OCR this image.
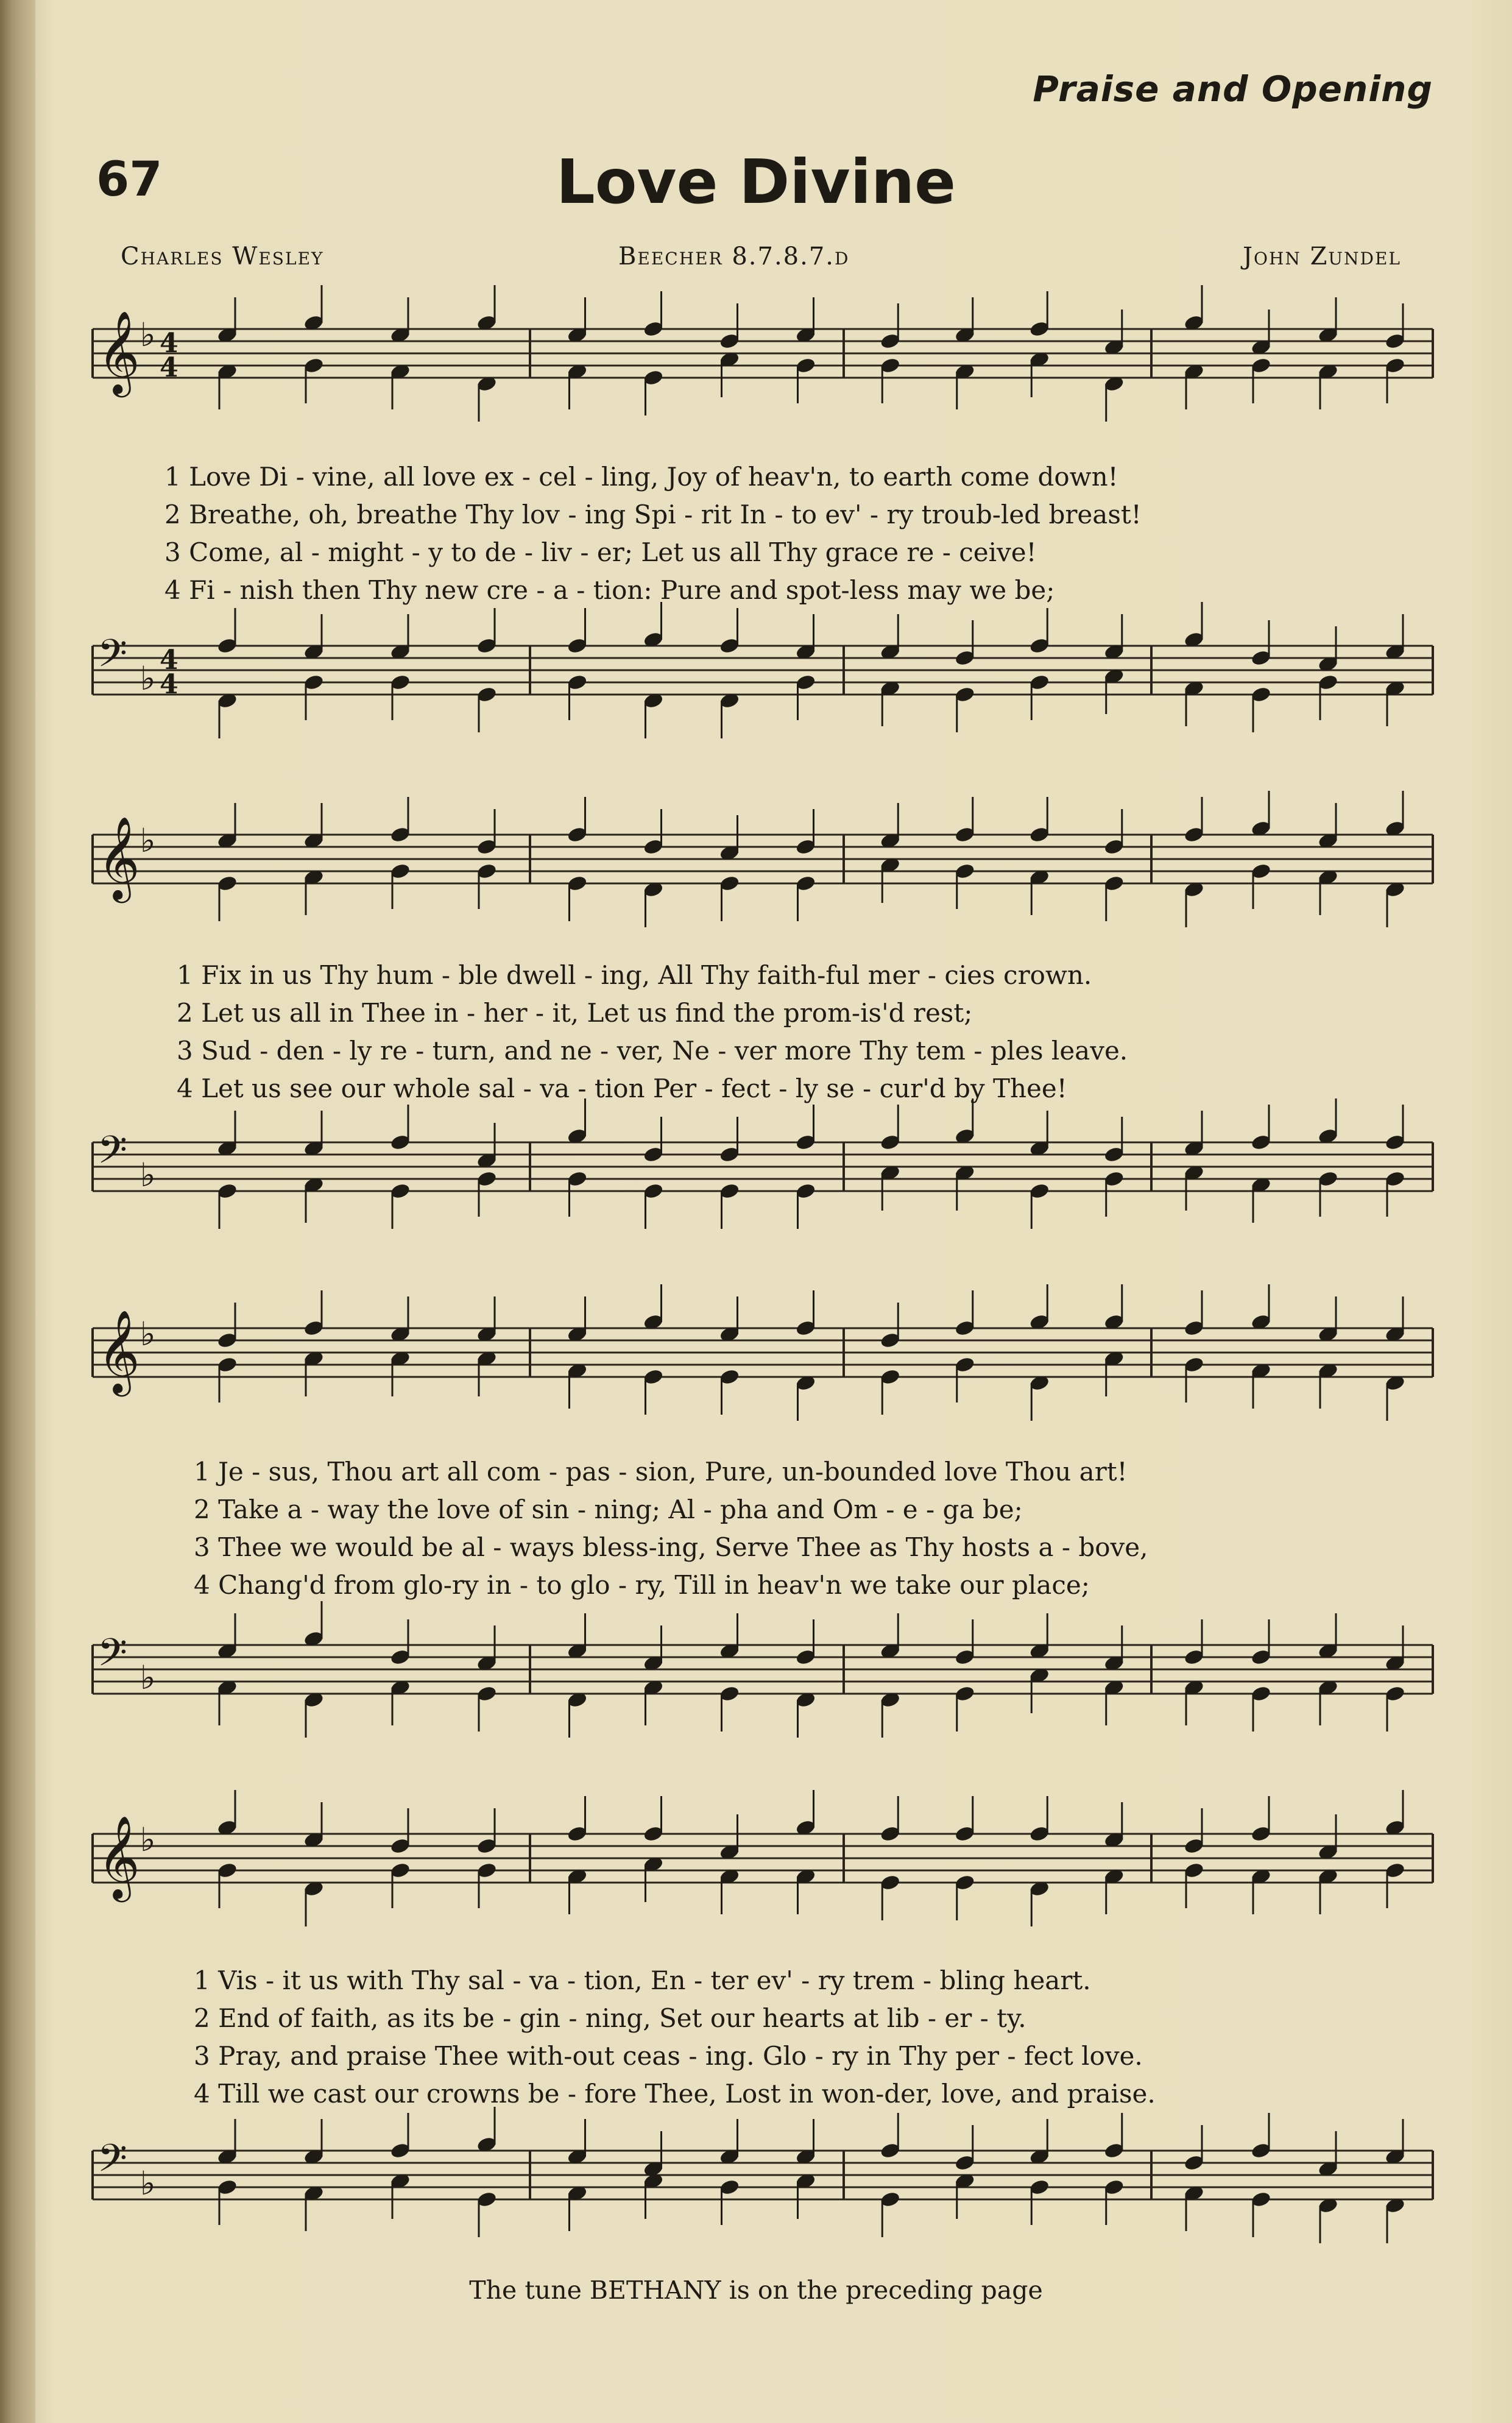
Praise and Opening
67	Love Divine
Charles Wesley	Beecher 8.7.8.7.d	John Zundel
𝄞 ♭ 4
4
𝄢 ♭ 4
4
𝄞 ♭
𝄢 ♭
𝄞 ♭
𝄢 ♭
𝄞 ♭
𝄢 ♭
1 Love Di - vine, all love ex - cel - ling, Joy of heav'n, to earth come down!
2 Breathe, oh, breathe Thy lov - ing Spi - rit In - to ev' - ry troub-led breast!
3 Come, al - might - y to de - liv - er; Let us all Thy grace re - ceive!
4 Fi - nish then Thy new cre - a - tion: Pure and spot-less may we be;
1 Fix in us Thy hum - ble dwell - ing, All Thy faith-ful mer - cies crown.
2 Let us all in Thee in - her - it, Let us find the prom-is'd rest;
3 Sud - den - ly re - turn, and ne - ver, Ne - ver more Thy tem - ples leave.
4 Let us see our whole sal - va - tion Per - fect - ly se - cur'd by Thee!
1 Je - sus, Thou art all com - pas - sion, Pure, un-bounded love Thou art!
2 Take a - way the love of sin - ning; Al - pha and Om - e - ga be;
3 Thee we would be al - ways bless-ing, Serve Thee as Thy hosts a - bove,
4 Chang'd from glo-ry in - to glo - ry, Till in heav'n we take our place;
1 Vis - it us with Thy sal - va - tion, En - ter ev' - ry trem - bling heart.
2 End of faith, as its be - gin - ning, Set our hearts at lib - er - ty.
3 Pray, and praise Thee with-out ceas - ing. Glo - ry in Thy per - fect love.
4 Till we cast our crowns be - fore Thee, Lost in won-der, love, and praise.
The tune BETHANY is on the preceding page
